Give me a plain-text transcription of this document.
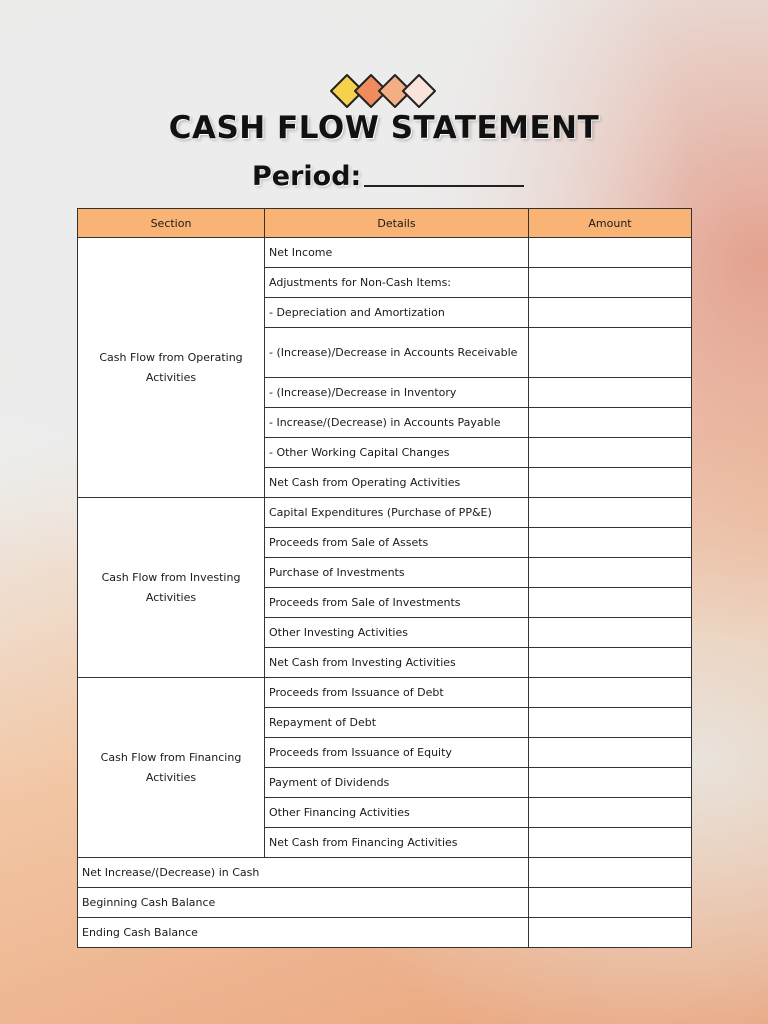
CASH FLOW STATEMENT
Period:
Section	Details	Amount
Cash Flow from Operating Activities	Net Income	
	Adjustments for Non-Cash Items:	
	- Depreciation and Amortization	
	- (Increase)/Decrease in Accounts Receivable	
	- (Increase)/Decrease in Inventory	
	- Increase/(Decrease) in Accounts Payable	
	- Other Working Capital Changes	
	Net Cash from Operating Activities	
Cash Flow from Investing Activities	Capital Expenditures (Purchase of PP&E)	
	Proceeds from Sale of Assets	
	Purchase of Investments	
	Proceeds from Sale of Investments	
	Other Investing Activities	
	Net Cash from Investing Activities	
Cash Flow from Financing Activities	Proceeds from Issuance of Debt	
	Repayment of Debt	
	Proceeds from Issuance of Equity	
	Payment of Dividends	
	Other Financing Activities	
	Net Cash from Financing Activities	
Net Increase/(Decrease) in Cash		
Beginning Cash Balance		
Ending Cash Balance		
